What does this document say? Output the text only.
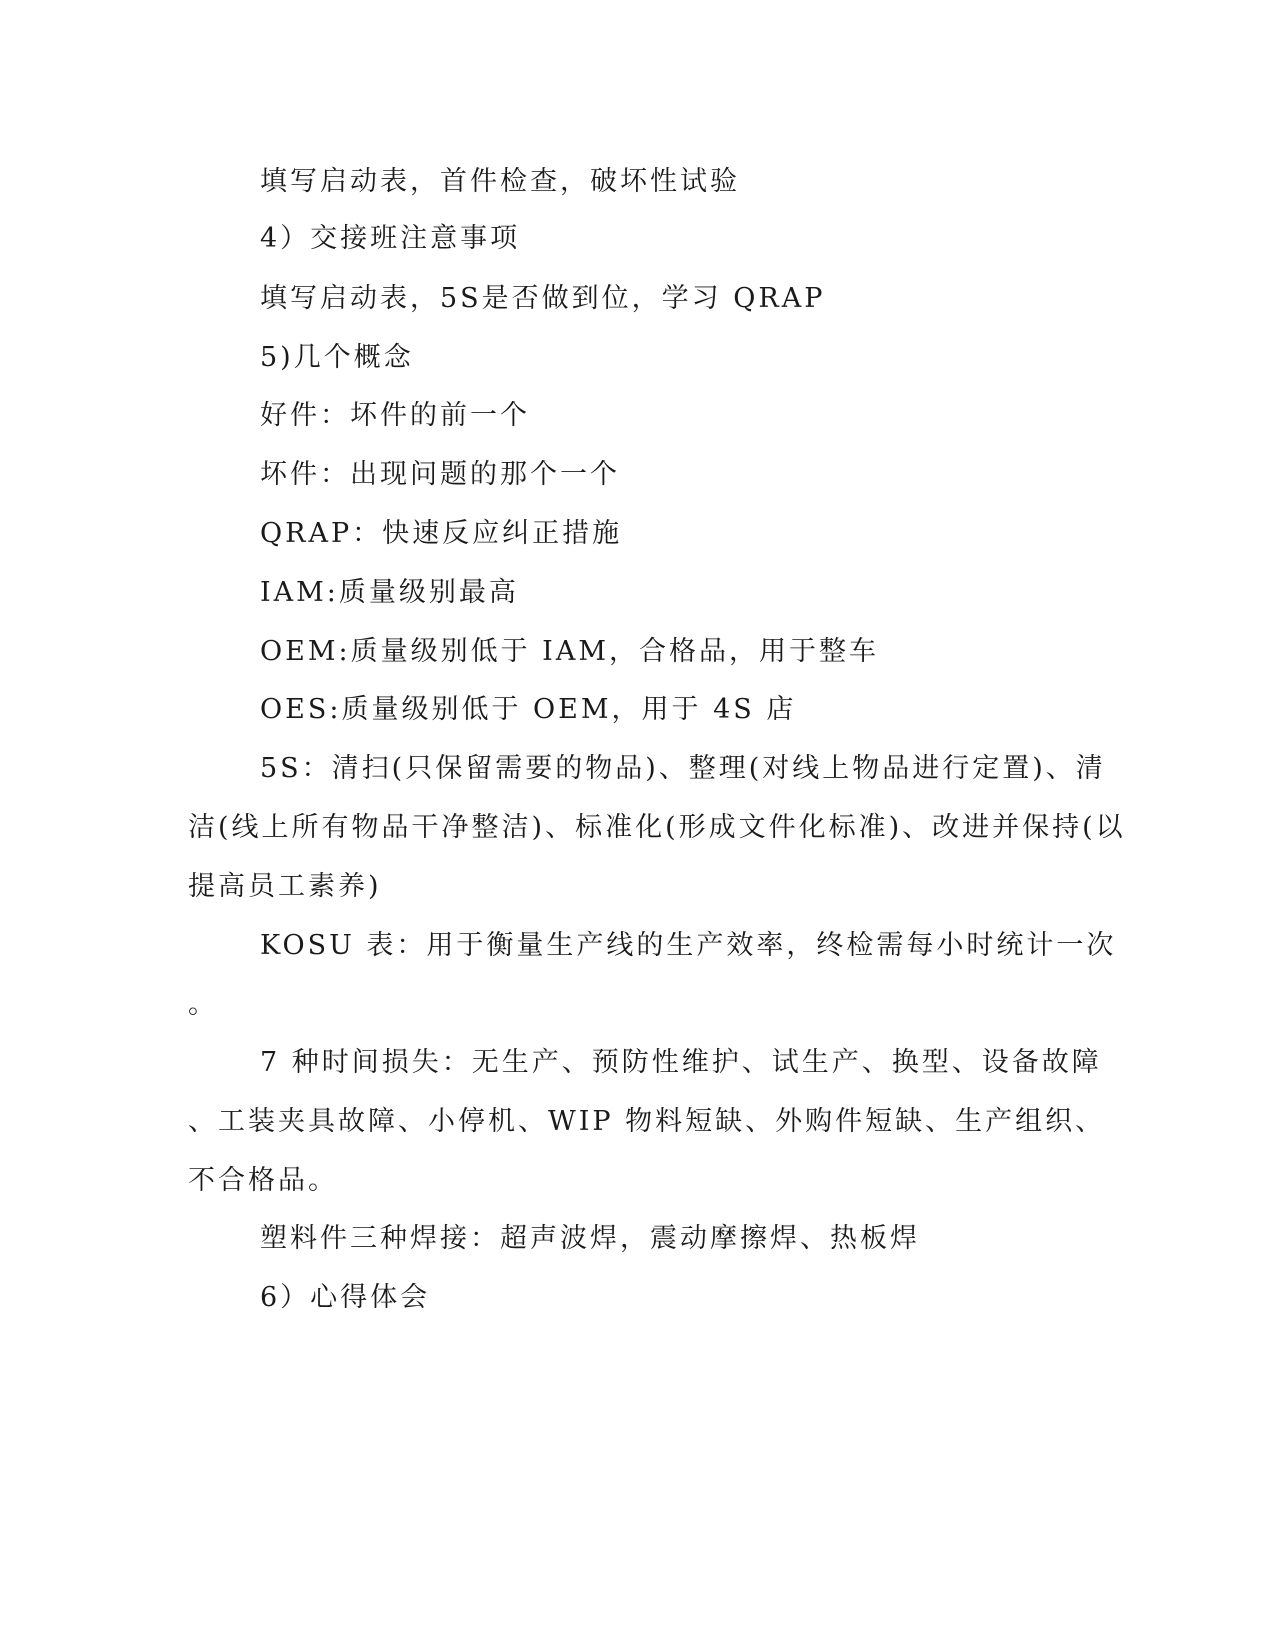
填写启动表，首件检查，破坏性试验
4）交接班注意事项
填写启动表，5S是否做到位，学习 QRAP
5)几个概念
好件：坏件的前一个
坏件：出现问题的那个一个
QRAP：快速反应纠正措施
IAM:质量级别最高
OEM:质量级别低于 IAM，合格品，用于整车
OES:质量级别低于 OEM，用于 4S 店
5S：清扫(只保留需要的物品)、整理(对线上物品进行定置)、清
洁(线上所有物品干净整洁)、标准化(形成文件化标准)、改进并保持(以
提高员工素养)
KOSU 表：用于衡量生产线的生产效率，终检需每小时统计一次
。
7 种时间损失：无生产、预防性维护、试生产、换型、设备故障
、工装夹具故障、小停机、WIP 物料短缺、外购件短缺、生产组织、
不合格品。
塑料件三种焊接：超声波焊，震动摩擦焊、热板焊
6）心得体会
